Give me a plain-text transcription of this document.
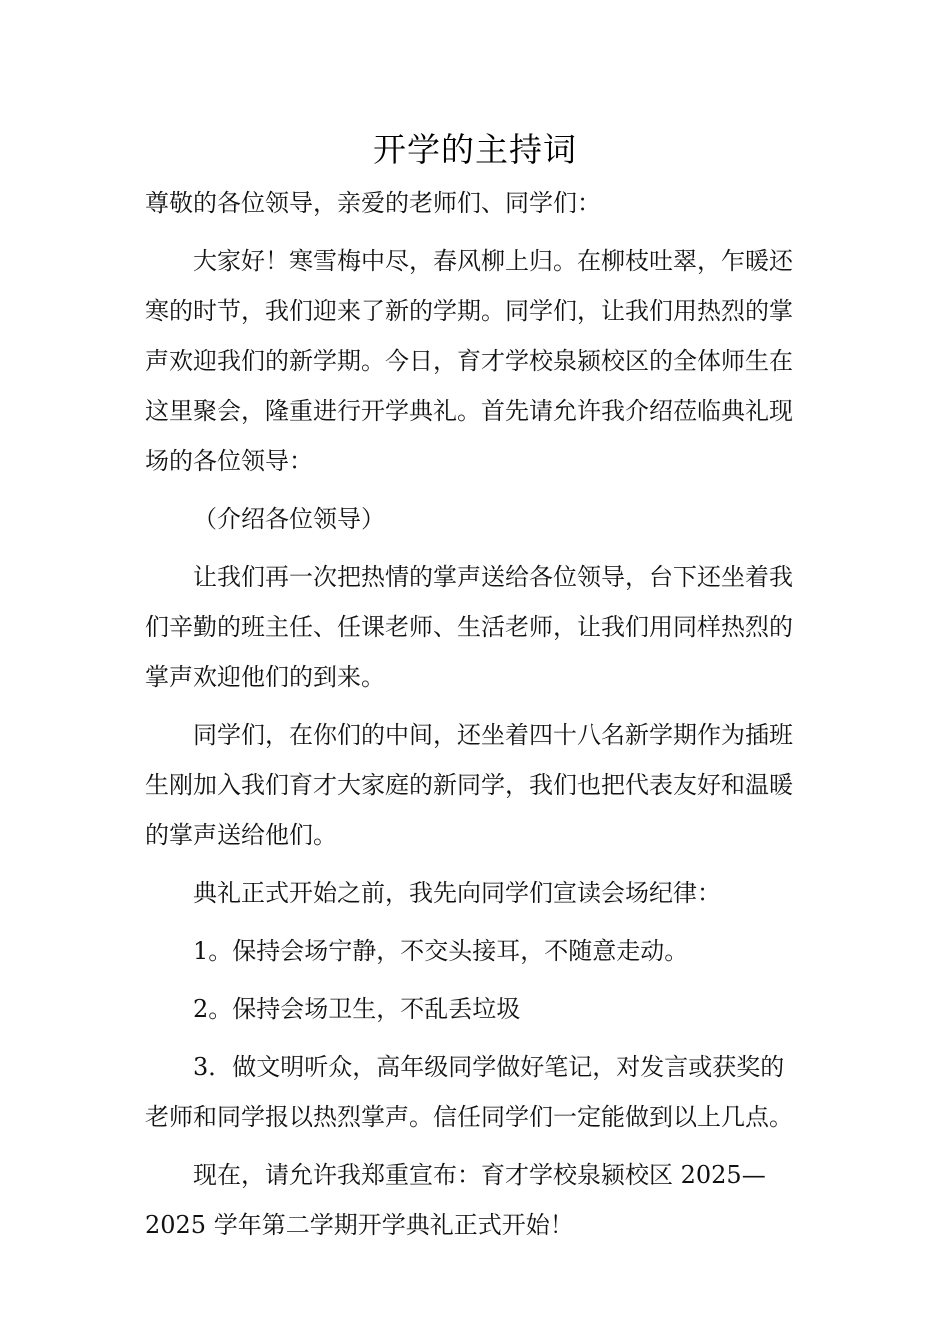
开学的主持词

尊敬的各位领导，亲爱的老师们、同学们：

大家好！寒雪梅中尽，春风柳上归。在柳枝吐翠，乍暖还寒的时节，我们迎来了新的学期。同学们，让我们用热烈的掌声欢迎我们的新学期。今日，育才学校泉颍校区的全体师生在这里聚会，隆重进行开学典礼。首先请允许我介绍莅临典礼现场的各位领导：

（介绍各位领导）

让我们再一次把热情的掌声送给各位领导，台下还坐着我们辛勤的班主任、任课老师、生活老师，让我们用同样热烈的掌声欢迎他们的到来。

同学们，在你们的中间，还坐着四十八名新学期作为插班生刚加入我们育才大家庭的新同学，我们也把代表友好和温暖的掌声送给他们。

典礼正式开始之前，我先向同学们宣读会场纪律：

1。保持会场宁静，不交头接耳，不随意走动。

2。保持会场卫生，不乱丢垃圾

3．做文明听众，高年级同学做好笔记，对发言或获奖的老师和同学报以热烈掌声。信任同学们一定能做到以上几点。

现在，请允许我郑重宣布：育才学校泉颍校区 2025—2025 学年第二学期开学典礼正式开始！
